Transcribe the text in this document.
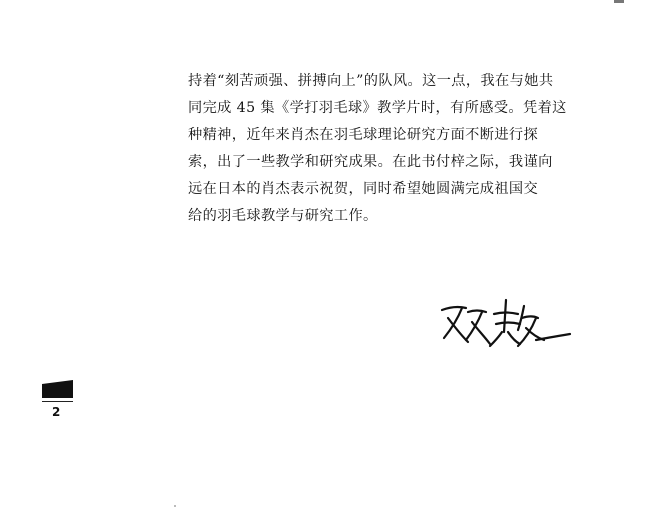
持着“刻苦顽强、拼搏向上”的队风。这一点，我在与她共
同完成 45 集《学打羽毛球》教学片时，有所感受。凭着这
种精神，近年来肖杰在羽毛球理论研究方面不断进行探
索，出了一些教学和研究成果。在此书付梓之际，我谨向
远在日本的肖杰表示祝贺，同时希望她圆满完成祖国交
给的羽毛球教学与研究工作。
2
